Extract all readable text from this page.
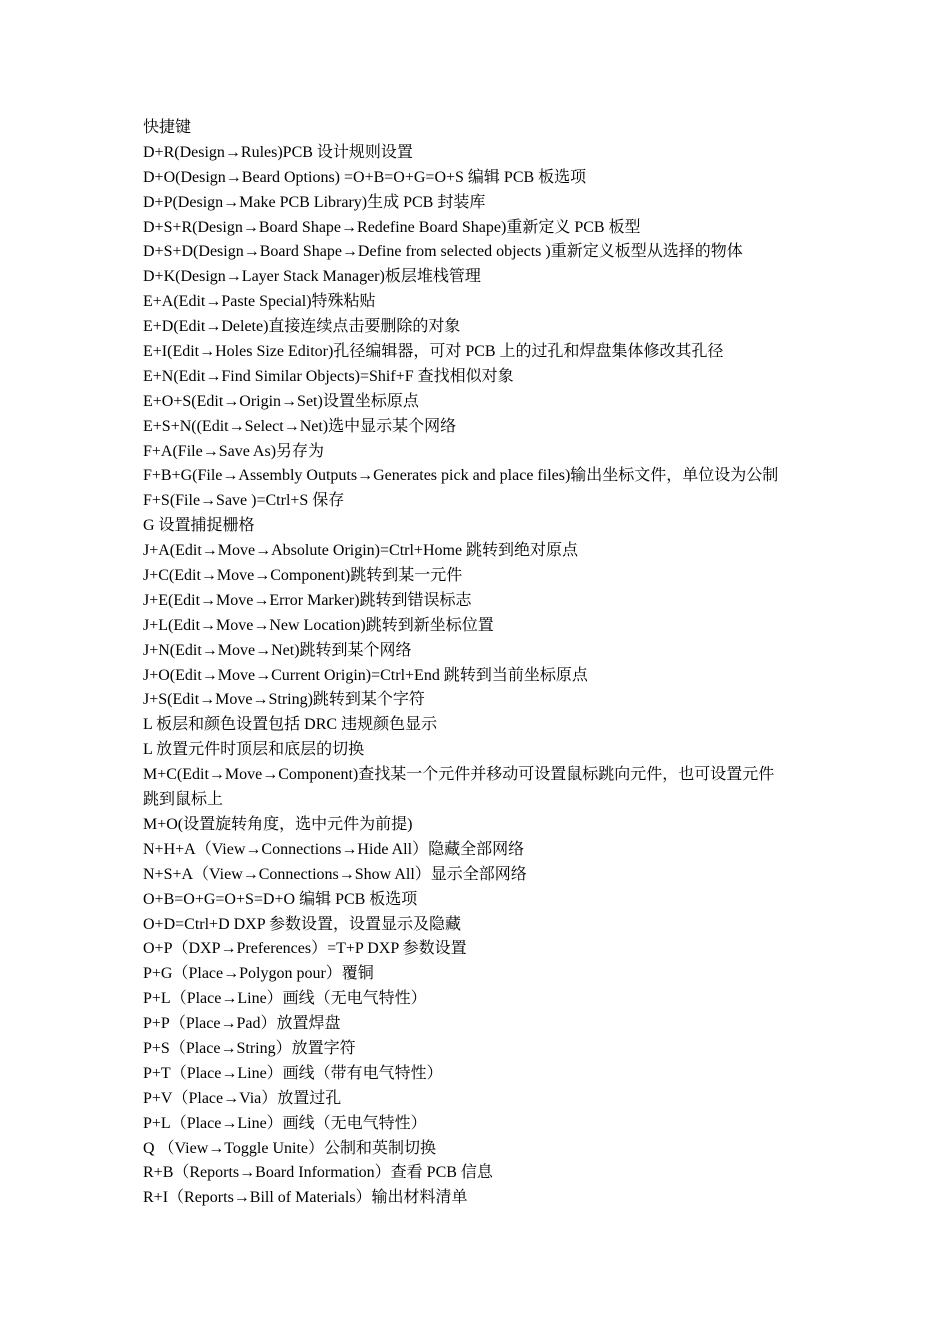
快捷键
D+R(Design→Rules)PCB 设计规则设置
D+O(Design→Beard Options) =O+B=O+G=O+S 编辑 PCB 板选项
D+P(Design→Make PCB Library)生成 PCB 封装库
D+S+R(Design→Board Shape→Redefine Board Shape)重新定义 PCB 板型
D+S+D(Design→Board Shape→Define from selected objects )重新定义板型从选择的物体
D+K(Design→Layer Stack Manager)板层堆栈管理
E+A(Edit→Paste Special)特殊粘贴
E+D(Edit→Delete)直接连续点击要删除的对象
E+I(Edit→Holes Size Editor)孔径编辑器，可对 PCB 上的过孔和焊盘集体修改其孔径
E+N(Edit→Find Similar Objects)=Shif+F 查找相似对象
E+O+S(Edit→Origin→Set)设置坐标原点
E+S+N((Edit→Select→Net)选中显示某个网络
F+A(File→Save As)另存为
F+B+G(File→Assembly Outputs→Generates pick and place files)输出坐标文件，单位设为公制
F+S(File→Save )=Ctrl+S 保存
G 设置捕捉栅格
J+A(Edit→Move→Absolute Origin)=Ctrl+Home 跳转到绝对原点
J+C(Edit→Move→Component)跳转到某一元件
J+E(Edit→Move→Error Marker)跳转到错误标志
J+L(Edit→Move→New Location)跳转到新坐标位置
J+N(Edit→Move→Net)跳转到某个网络
J+O(Edit→Move→Current Origin)=Ctrl+End 跳转到当前坐标原点
J+S(Edit→Move→String)跳转到某个字符
L 板层和颜色设置包括 DRC 违规颜色显示
L 放置元件时顶层和底层的切换
M+C(Edit→Move→Component)查找某一个元件并移动可设置鼠标跳向元件，也可设置元件
跳到鼠标上
M+O(设置旋转角度，选中元件为前提)
N+H+A（View→Connections→Hide All）隐藏全部网络
N+S+A（View→Connections→Show All）显示全部网络
O+B=O+G=O+S=D+O 编辑 PCB 板选项
O+D=Ctrl+D DXP 参数设置，设置显示及隐藏
O+P（DXP→Preferences）=T+P DXP 参数设置
P+G（Place→Polygon pour）覆铜
P+L（Place→Line）画线（无电气特性）
P+P（Place→Pad）放置焊盘
P+S（Place→String）放置字符
P+T（Place→Line）画线（带有电气特性）
P+V（Place→Via）放置过孔
P+L（Place→Line）画线（无电气特性）
Q （View→Toggle Unite）公制和英制切换
R+B（Reports→Board Information）查看 PCB 信息
R+I（Reports→Bill of Materials）输出材料清单
